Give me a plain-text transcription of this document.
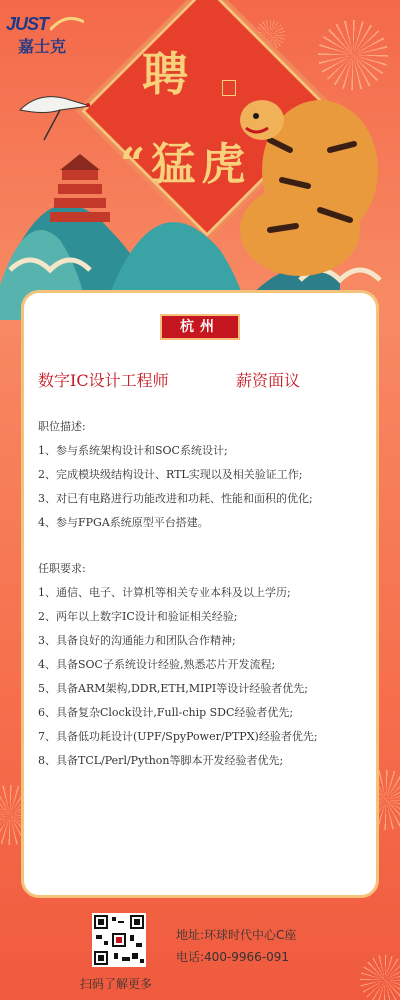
JUST
嘉士克
聘
“猛虎
杭州
数字IC设计工程师	薪资面议
职位描述:
1、参与系统架构设计和SOC系统设计;
2、完成模块级结构设计、RTL实现以及相关验证工作;
3、对已有电路进行功能改进和功耗、性能和面积的优化;
4、参与FPGA系统原型平台搭建。
任职要求:
1、通信、电子、计算机等相关专业本科及以上学历;
2、两年以上数字IC设计和验证相关经验;
3、具备良好的沟通能力和团队合作精神;
4、具备SOC子系统设计经验,熟悉芯片开发流程;
5、具备ARM架构,DDR,ETH,MIPI等设计经验者优先;
6、具备复杂Clock设计,Full-chip SDC经验者优先;
7、具备低功耗设计(UPF/SpyPower/PTPX)经验者优先;
8、具备TCL/Perl/Python等脚本开发经验者优先;
扫码了解更多
地址:环球时代中心C座
电话:400-9966-091
